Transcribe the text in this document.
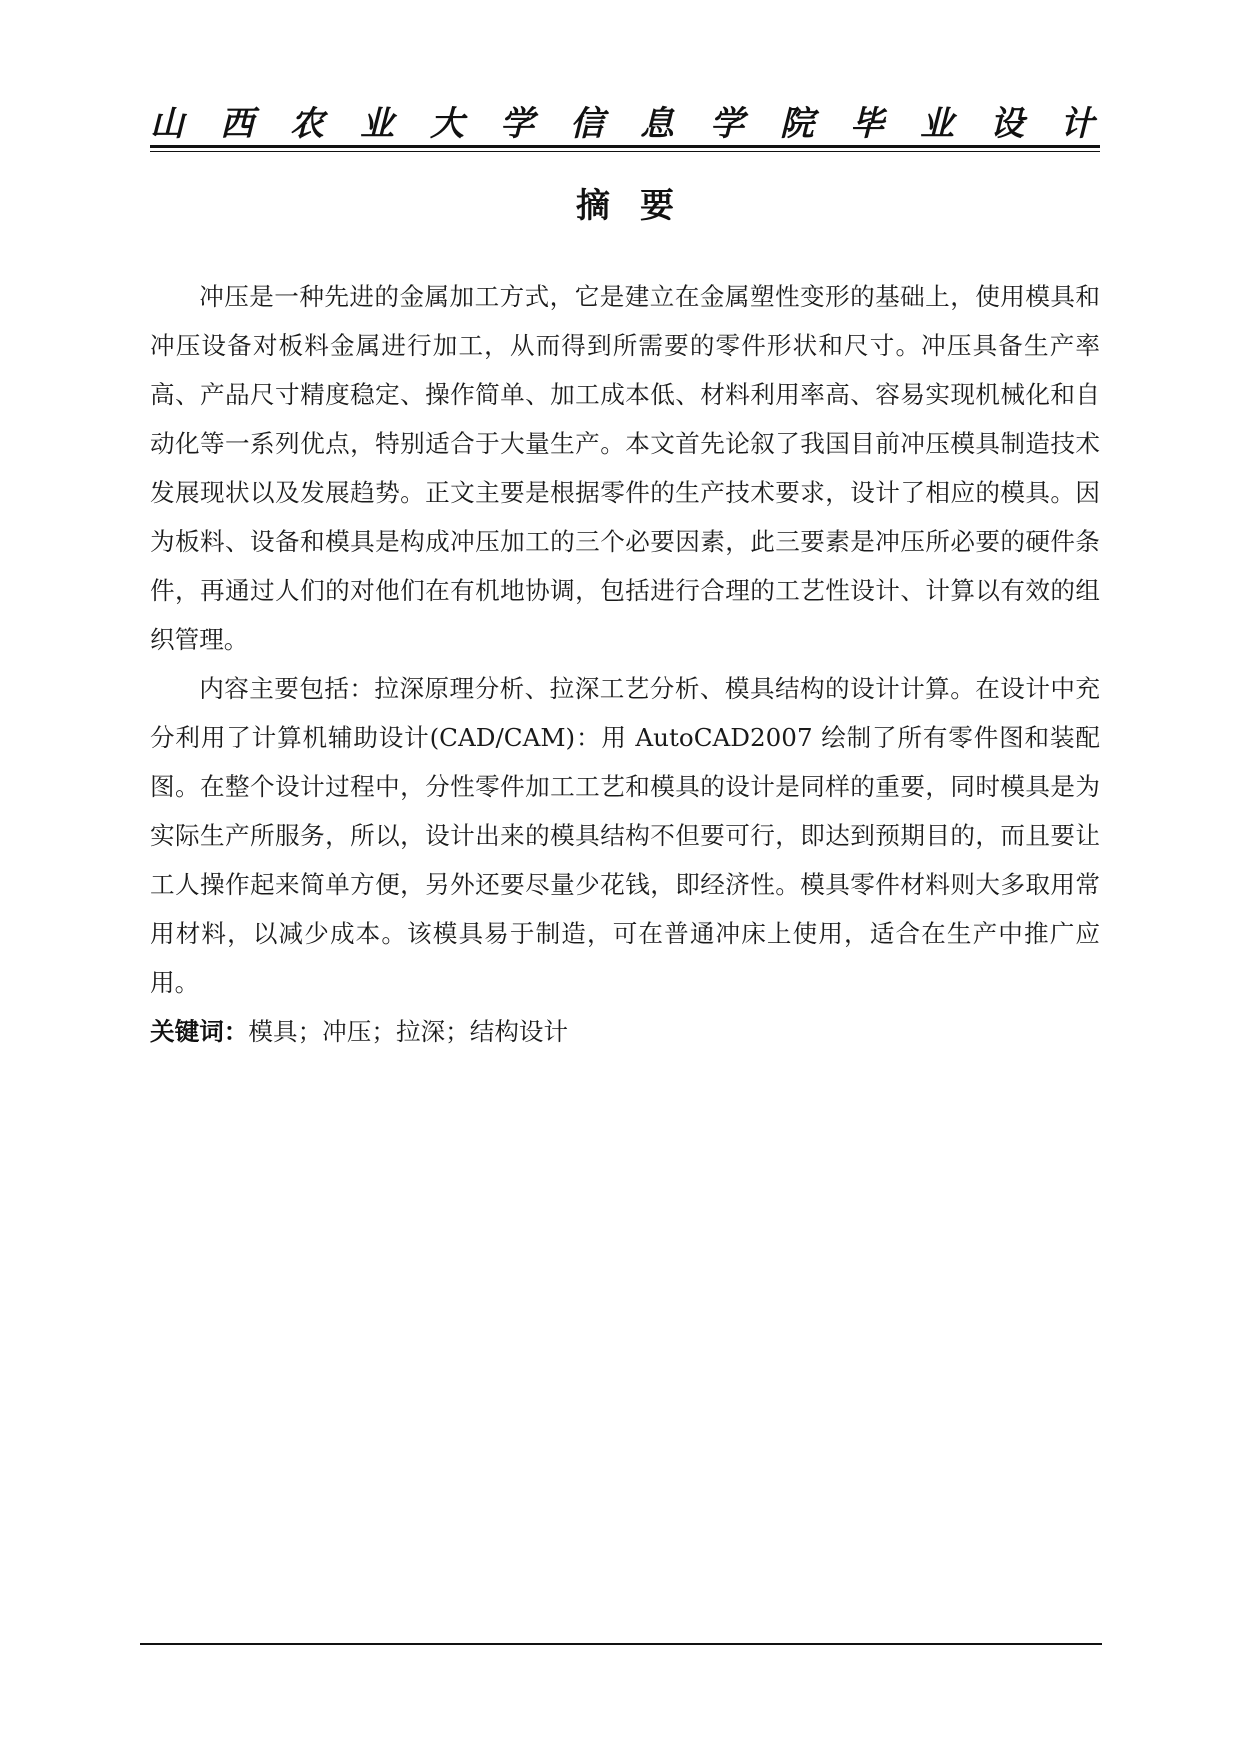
山 西 农 业 大 学 信 息 学 院 毕 业 设 计
摘要

冲压是一种先进的金属加工方式，它是建立在金属塑性变形的基础上，使用模具和冲压设备对板料金属进行加工，从而得到所需要的零件形状和尺寸。冲压具备生产率高、产品尺寸精度稳定、操作简单、加工成本低、材料利用率高、容易实现机械化和自动化等一系列优点，特别适合于大量生产。本文首先论叙了我国目前冲压模具制造技术发展现状以及发展趋势。正文主要是根据零件的生产技术要求，设计了相应的模具。因为板料、设备和模具是构成冲压加工的三个必要因素，此三要素是冲压所必要的硬件条件，再通过人们的对他们在有机地协调，包括进行合理的工艺性设计、计算以有效的组织管理。

内容主要包括：拉深原理分析、拉深工艺分析、模具结构的设计计算。在设计中充分利用了计算机辅助设计(CAD/CAM)：用 AutoCAD2007 绘制了所有零件图和装配图。在整个设计过程中，分性零件加工工艺和模具的设计是同样的重要，同时模具是为实际生产所服务，所以，设计出来的模具结构不但要可行，即达到预期目的，而且要让工人操作起来简单方便，另外还要尽量少花钱，即经济性。模具零件材料则大多取用常用材料，以减少成本。该模具易于制造，可在普通冲床上使用，适合在生产中推广应用。

关键词：模具；冲压；拉深；结构设计
